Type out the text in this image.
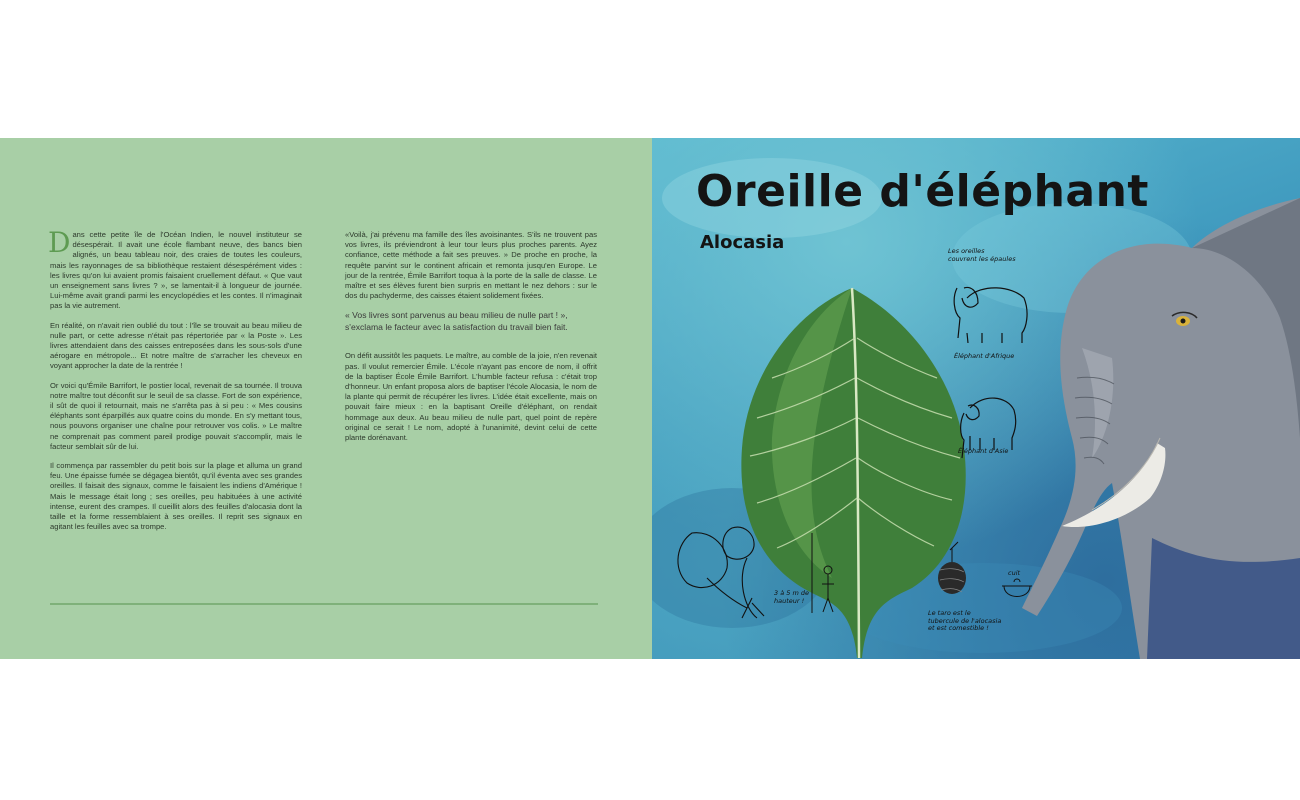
Dans cette petite île de l'Océan Indien, le nouvel instituteur se désespérait. Il avait une école flambant neuve, des bancs bien alignés, un beau tableau noir, des craies de toutes les couleurs, mais les rayonnages de sa bibliothèque restaient désespérément vides : les livres qu'on lui avaient promis faisaient cruellement défaut. « Que vaut un enseignement sans livres ? », se lamentait-il à longueur de journée. Lui-même avait grandi parmi les encyclopédies et les contes. Il n'imaginait pas la vie autrement.

En réalité, on n'avait rien oublié du tout : l'île se trouvait au beau milieu de nulle part, or cette adresse n'était pas répertoriée par « la Poste ». Les livres attendaient dans des caisses entreposées dans les sous-sols d'une aérogare en métropole... Et notre maître de s'arracher les cheveux en voyant approcher la date de la rentrée !

Or voici qu'Émile Barrifort, le postier local, revenait de sa tournée. Il trouva notre maître tout déconfit sur le seuil de sa classe. Fort de son expérience, il sût de quoi il retournait, mais ne s'arrêta pas à si peu : « Mes cousins éléphants sont éparpillés aux quatre coins du monde. En s'y mettant tous, nous pouvons organiser une chaîne pour retrouver vos colis. » Le maître ne comprenait pas comment pareil prodige pouvait s'accomplir, mais le facteur semblait sûr de lui.

Il commença par rassembler du petit bois sur la plage et alluma un grand feu. Une épaisse fumée se dégagea bientôt, qu'il éventa avec ses grandes oreilles. Il faisait des signaux, comme le faisaient les indiens d'Amérique ! Mais le message était long ; ses oreilles, peu habituées à une activité intense, eurent des crampes. Il cueillit alors des feuilles d'alocasia dont la taille et la forme ressemblaient à ses oreilles. Il reprit ses signaux en agitant les feuilles avec sa trompe.

«Voilà, j'ai prévenu ma famille des îles avoisinantes. S'ils ne trouvent pas vos livres, ils préviendront à leur tour leurs plus proches parents. Ayez confiance, cette méthode a fait ses preuves. » De proche en proche, la requête parvint sur le continent africain et remonta jusqu'en Europe. Le jour de la rentrée, Émile Barrifort toqua à la porte de la salle de classe. Le maître et ses élèves furent bien surpris en mettant le nez dehors : sur le dos du pachyderme, des caisses étaient solidement fixées.

« Vos livres sont parvenus au beau milieu de nulle part ! », s'exclama le facteur avec la satisfaction du travail bien fait.

On défit aussitôt les paquets. Le maître, au comble de la joie, n'en revenait pas. Il voulut remercier Émile. L'école n'ayant pas encore de nom, il offrit de la baptiser École Émile Barrifort. L'humble facteur refusa : c'était trop d'honneur. Un enfant proposa alors de baptiser l'école Alocasia, le nom de la plante qui permit de récupérer les livres. L'idée était excellente, mais on pouvait faire mieux : en la baptisant Oreille d'éléphant, on rendait hommage aux deux. Au beau milieu de nulle part, quel point de repère original ce serait ! Le nom, adopté à l'unanimité, devint celui de cette plante dorénavant.

Oreille d'éléphant
Alocasia	Les oreilles
couvrent les épaules
Éléphant d'Afrique
Éléphant d'Asie
3 à 5 m de
hauteur !
Le taro est le
tubercule de l'alocasia
et est comestible !
cuit
